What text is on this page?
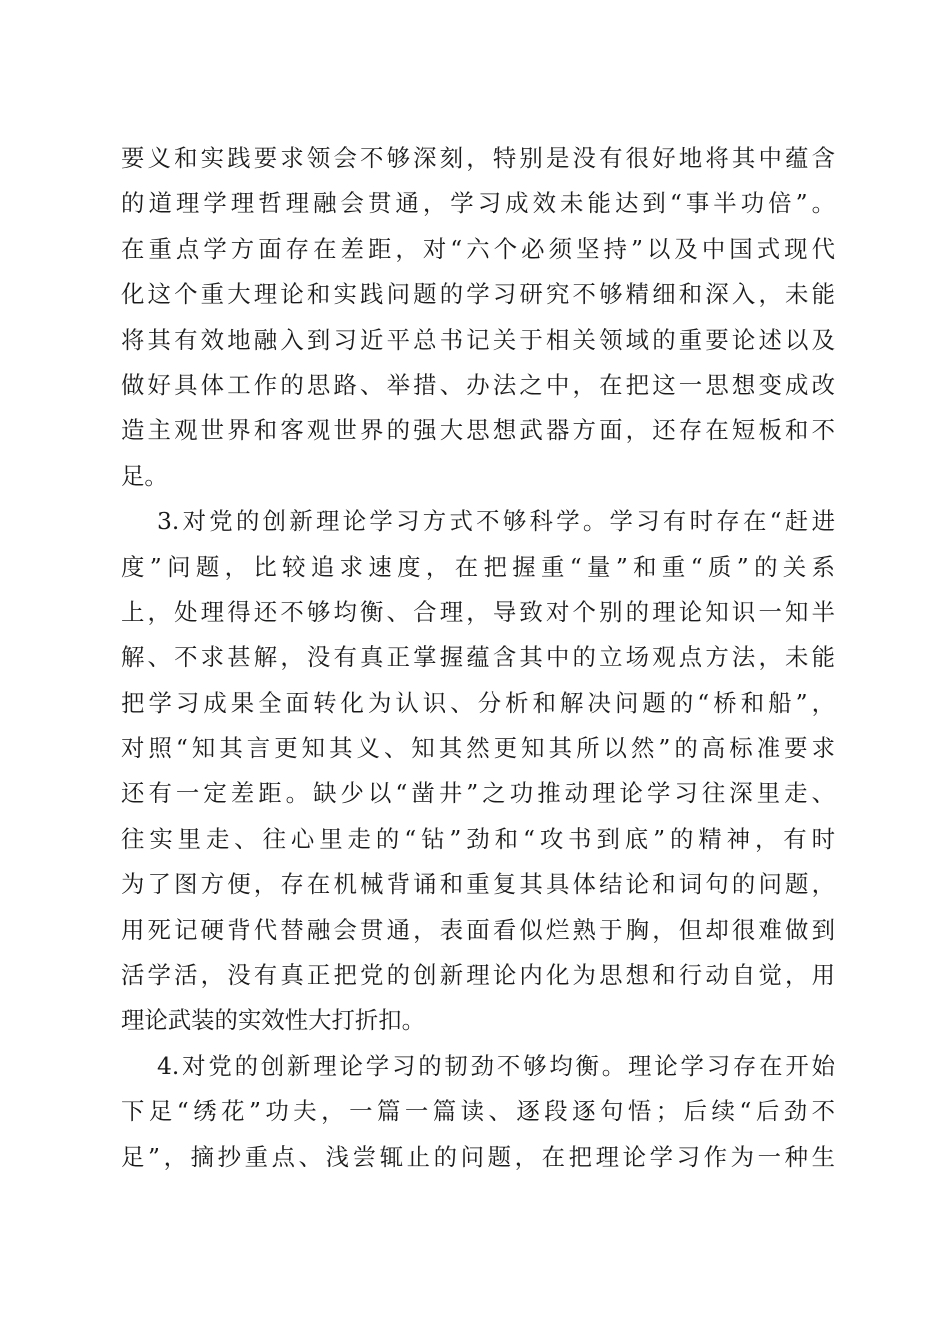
要义和实践要求领会不够深刻，特别是没有很好地将其中蕴含
的道理学理哲理融会贯通，学习成效未能达到“事半功倍”。
在重点学方面存在差距，对“六个必须坚持”以及中国式现代
化这个重大理论和实践问题的学习研究不够精细和深入，未能
将其有效地融入到习近平总书记关于相关领域的重要论述以及
做好具体工作的思路、举措、办法之中，在把这一思想变成改
造主观世界和客观世界的强大思想武器方面，还存在短板和不
足。
3.对党的创新理论学习方式不够科学。学习有时存在“赶进
度”问题，比较追求速度，在把握重“量”和重“质”的关系
上，处理得还不够均衡、合理，导致对个别的理论知识一知半
解、不求甚解，没有真正掌握蕴含其中的立场观点方法，未能
把学习成果全面转化为认识、分析和解决问题的“桥和船”，
对照“知其言更知其义、知其然更知其所以然”的高标准要求
还有一定差距。缺少以“凿井”之功推动理论学习往深里走、
往实里走、往心里走的“钻”劲和“攻书到底”的精神，有时
为了图方便，存在机械背诵和重复其具体结论和词句的问题，
用死记硬背代替融会贯通，表面看似烂熟于胸，但却很难做到
活学活，没有真正把党的创新理论内化为思想和行动自觉，用
理论武装的实效性大打折扣。
4.对党的创新理论学习的韧劲不够均衡。理论学习存在开始
下足“绣花”功夫，一篇一篇读、逐段逐句悟；后续“后劲不
足”，摘抄重点、浅尝辄止的问题，在把理论学习作为一种生
